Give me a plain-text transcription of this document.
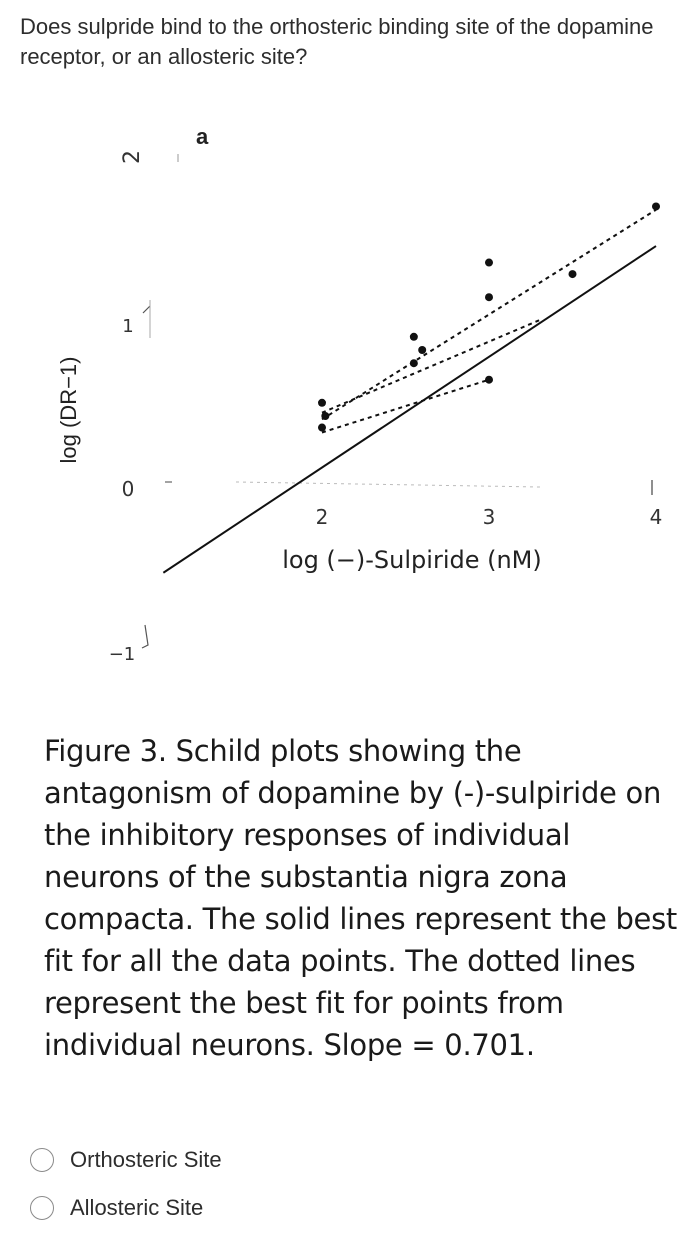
Does sulpride bind to the orthosteric binding site of the dopamine receptor, or an allosteric site?
log (DR−1)
a
2
1
0
−1
2	3	4
log (−)-Sulpiride (nM)
Figure 3. Schild plots showing the antagonism of dopamine by (-)-sulpiride on the inhibitory responses of individual neurons of the substantia nigra zona compacta. The solid lines represent the best fit for all the data points. The dotted lines represent the best fit for points from individual neurons. Slope = 0.701.
Orthosteric Site
Allosteric Site
